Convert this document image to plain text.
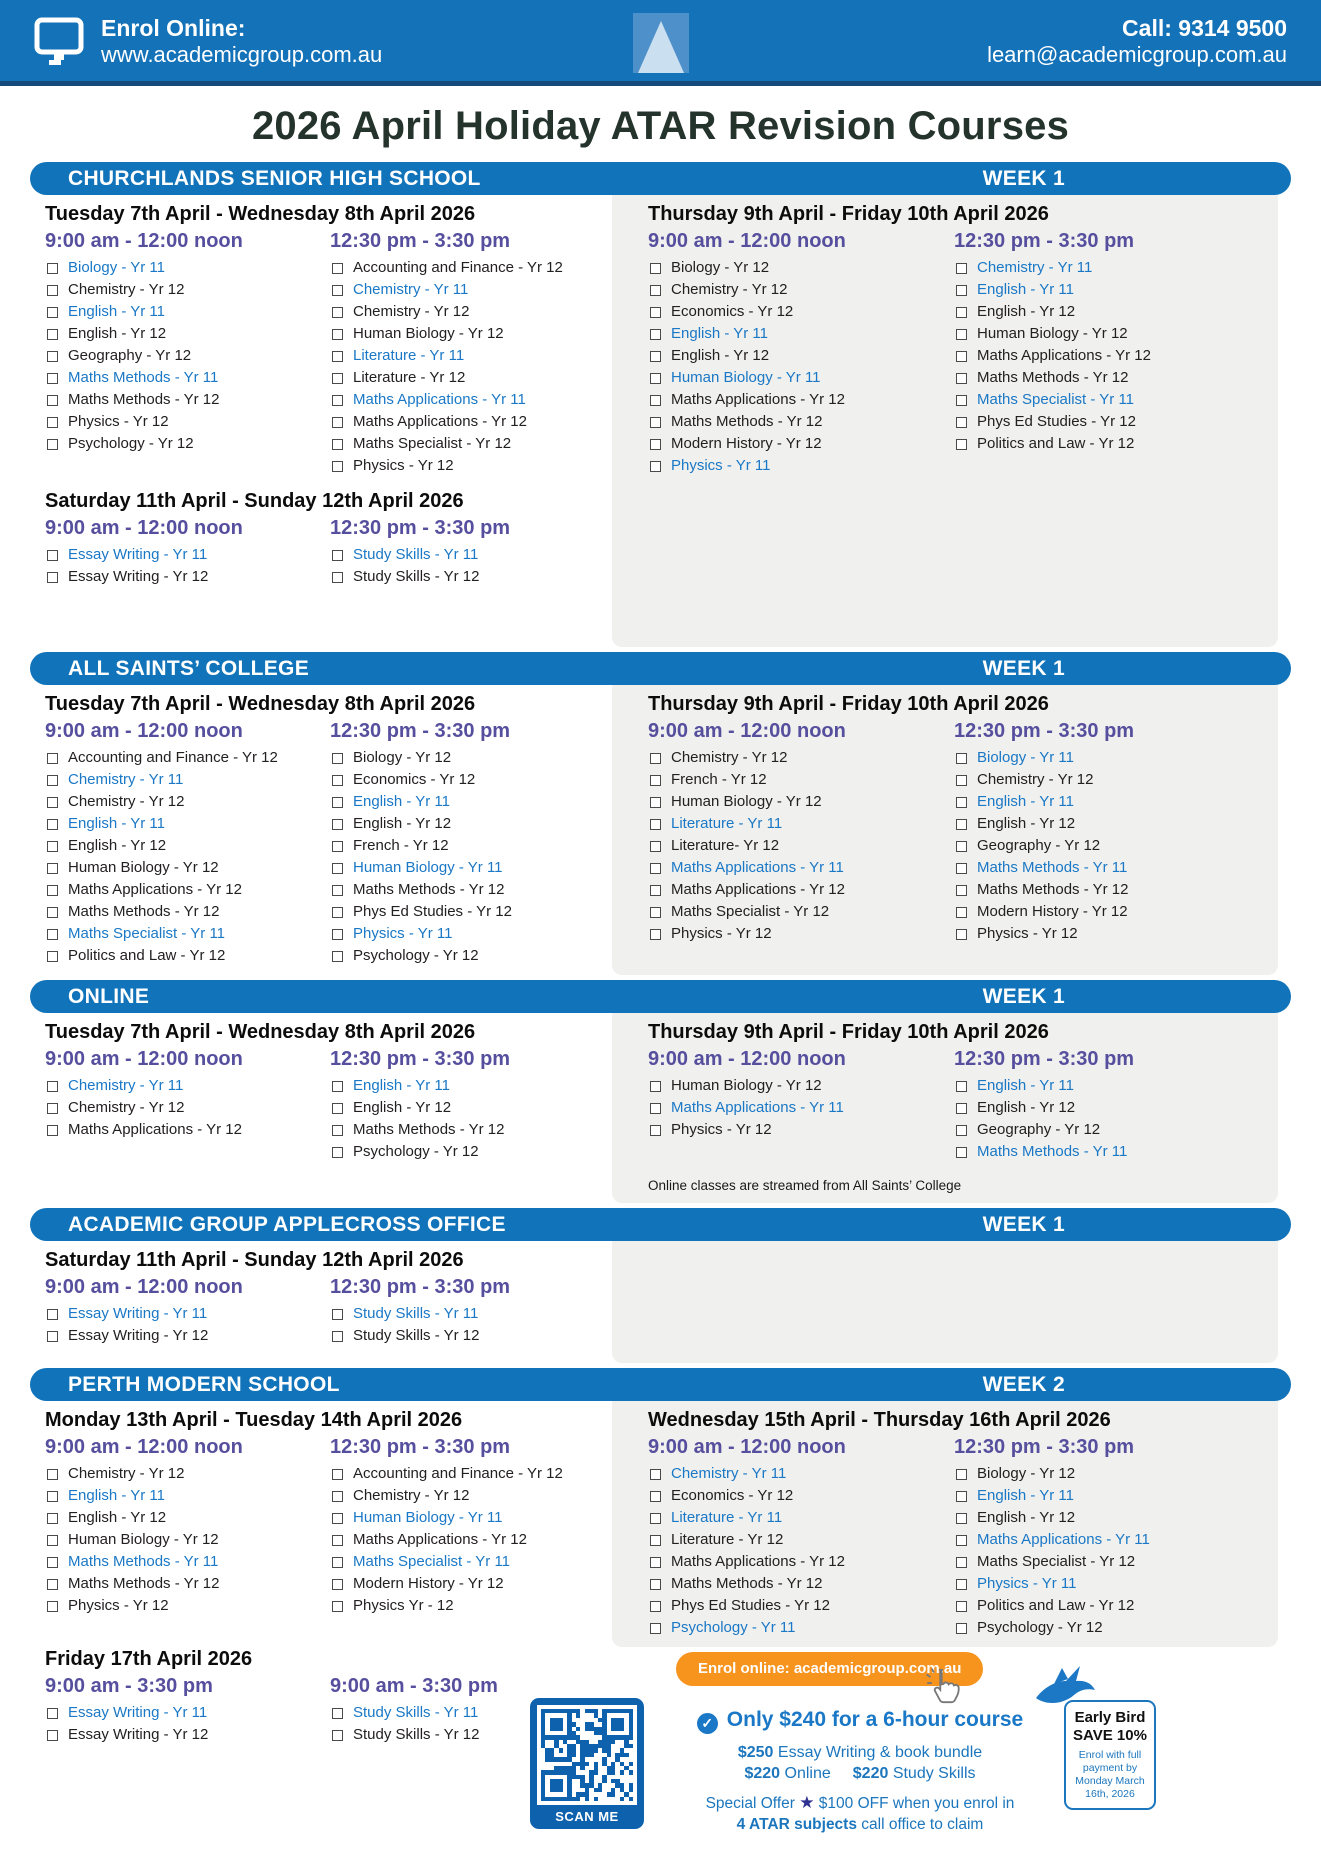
Enrol Online:
www.academicgroup.com.au
Call: 9314 9500
learn@academicgroup.com.au
2026 April Holiday ATAR Revision Courses
CHURCHLANDS SENIOR HIGH SCHOOL	WEEK 1
Tuesday 7th April - Wednesday 8th April 2026
9:00 am - 12:00 noon
Biology - Yr 11
Chemistry - Yr 12
English - Yr 11
English - Yr 12
Geography - Yr 12
Maths Methods - Yr 11
Maths Methods - Yr 12
Physics - Yr 12
Psychology - Yr 12
12:30 pm - 3:30 pm
Accounting and Finance - Yr 12
Chemistry - Yr 11
Chemistry - Yr 12
Human Biology - Yr 12
Literature - Yr 11
Literature - Yr 12
Maths Applications - Yr 11
Maths Applications - Yr 12
Maths Specialist - Yr 12
Physics - Yr 12
Saturday 11th April - Sunday 12th April 2026
9:00 am - 12:00 noon
Essay Writing - Yr 11
Essay Writing - Yr 12
12:30 pm - 3:30 pm
Study Skills - Yr 11
Study Skills - Yr 12
Thursday 9th April - Friday 10th April 2026
9:00 am - 12:00 noon
Biology - Yr 12
Chemistry - Yr 12
Economics - Yr 12
English - Yr 11
English - Yr 12
Human Biology - Yr 11
Maths Applications - Yr 12
Maths Methods - Yr 12
Modern History - Yr 12
Physics - Yr 11
12:30 pm - 3:30 pm
Chemistry - Yr 11
English - Yr 11
English - Yr 12
Human Biology - Yr 12
Maths Applications - Yr 12
Maths Methods - Yr 12
Maths Specialist - Yr 11
Phys Ed Studies - Yr 12
Politics and Law - Yr 12
ALL SAINTS’ COLLEGE	WEEK 1
Tuesday 7th April - Wednesday 8th April 2026
9:00 am - 12:00 noon
Accounting and Finance - Yr 12
Chemistry - Yr 11
Chemistry - Yr 12
English - Yr 11
English - Yr 12
Human Biology - Yr 12
Maths Applications - Yr 12
Maths Methods - Yr 12
Maths Specialist - Yr 11
Politics and Law - Yr 12
12:30 pm - 3:30 pm
Biology - Yr 12
Economics - Yr 12
English - Yr 11
English - Yr 12
French - Yr 12
Human Biology - Yr 11
Maths Methods - Yr 12
Phys Ed Studies - Yr 12
Physics - Yr 11
Psychology - Yr 12
Thursday 9th April - Friday 10th April 2026
9:00 am - 12:00 noon
Chemistry - Yr 12
French - Yr 12
Human Biology - Yr 12
Literature - Yr 11
Literature- Yr 12
Maths Applications - Yr 11
Maths Applications - Yr 12
Maths Specialist - Yr 12
Physics - Yr 12
12:30 pm - 3:30 pm
Biology - Yr 11
Chemistry - Yr 12
English - Yr 11
English - Yr 12
Geography - Yr 12
Maths Methods - Yr 11
Maths Methods - Yr 12
Modern History - Yr 12
Physics - Yr 12
ONLINE	WEEK 1
Tuesday 7th April - Wednesday 8th April 2026
9:00 am - 12:00 noon
Chemistry - Yr 11
Chemistry - Yr 12
Maths Applications - Yr 12
12:30 pm - 3:30 pm
English - Yr 11
English - Yr 12
Maths Methods - Yr 12
Psychology - Yr 12
Thursday 9th April - Friday 10th April 2026
9:00 am - 12:00 noon
Human Biology - Yr 12
Maths Applications - Yr 11
Physics - Yr 12
12:30 pm - 3:30 pm
English - Yr 11
English - Yr 12
Geography - Yr 12
Maths Methods - Yr 11
Online classes are streamed from All Saints’ College
ACADEMIC GROUP APPLECROSS OFFICE	WEEK 1
Saturday 11th April - Sunday 12th April 2026
9:00 am - 12:00 noon
Essay Writing - Yr 11
Essay Writing - Yr 12
12:30 pm - 3:30 pm
Study Skills - Yr 11
Study Skills - Yr 12
PERTH MODERN SCHOOL	WEEK 2
Monday 13th April - Tuesday 14th April 2026
9:00 am - 12:00 noon
Chemistry - Yr 12
English - Yr 11
English - Yr 12
Human Biology - Yr 12
Maths Methods - Yr 11
Maths Methods - Yr 12
Physics - Yr 12
12:30 pm - 3:30 pm
Accounting and Finance - Yr 12
Chemistry - Yr 12
Human Biology - Yr 11
Maths Applications - Yr 12
Maths Specialist - Yr 11
Modern History - Yr 12
Physics Yr - 12
Friday 17th April 2026
9:00 am - 3:30 pm
Essay Writing - Yr 11
Essay Writing - Yr 12
9:00 am - 3:30 pm
Study Skills - Yr 11
Study Skills - Yr 12
Wednesday 15th April - Thursday 16th April 2026
9:00 am - 12:00 noon
Chemistry - Yr 11
Economics - Yr 12
Literature - Yr 11
Literature - Yr 12
Maths Applications - Yr 12
Maths Methods - Yr 12
Phys Ed Studies - Yr 12
Psychology - Yr 11
12:30 pm - 3:30 pm
Biology - Yr 12
English - Yr 11
English - Yr 12
Maths Applications - Yr 11
Maths Specialist - Yr 12
Physics - Yr 11
Politics and Law - Yr 12
Psychology - Yr 12
Enrol online: academicgroup.com.au
Early Bird
SAVE 10%
Enrol with full payment by Monday March 16th, 2026
SCAN ME
✓ Only $240 for a 6-hour course
$250 Essay Writing & book bundle
$220 Online $220 Study Skills
Special Offer ★ $100 OFF when you enrol in
4 ATAR subjects call office to claim
